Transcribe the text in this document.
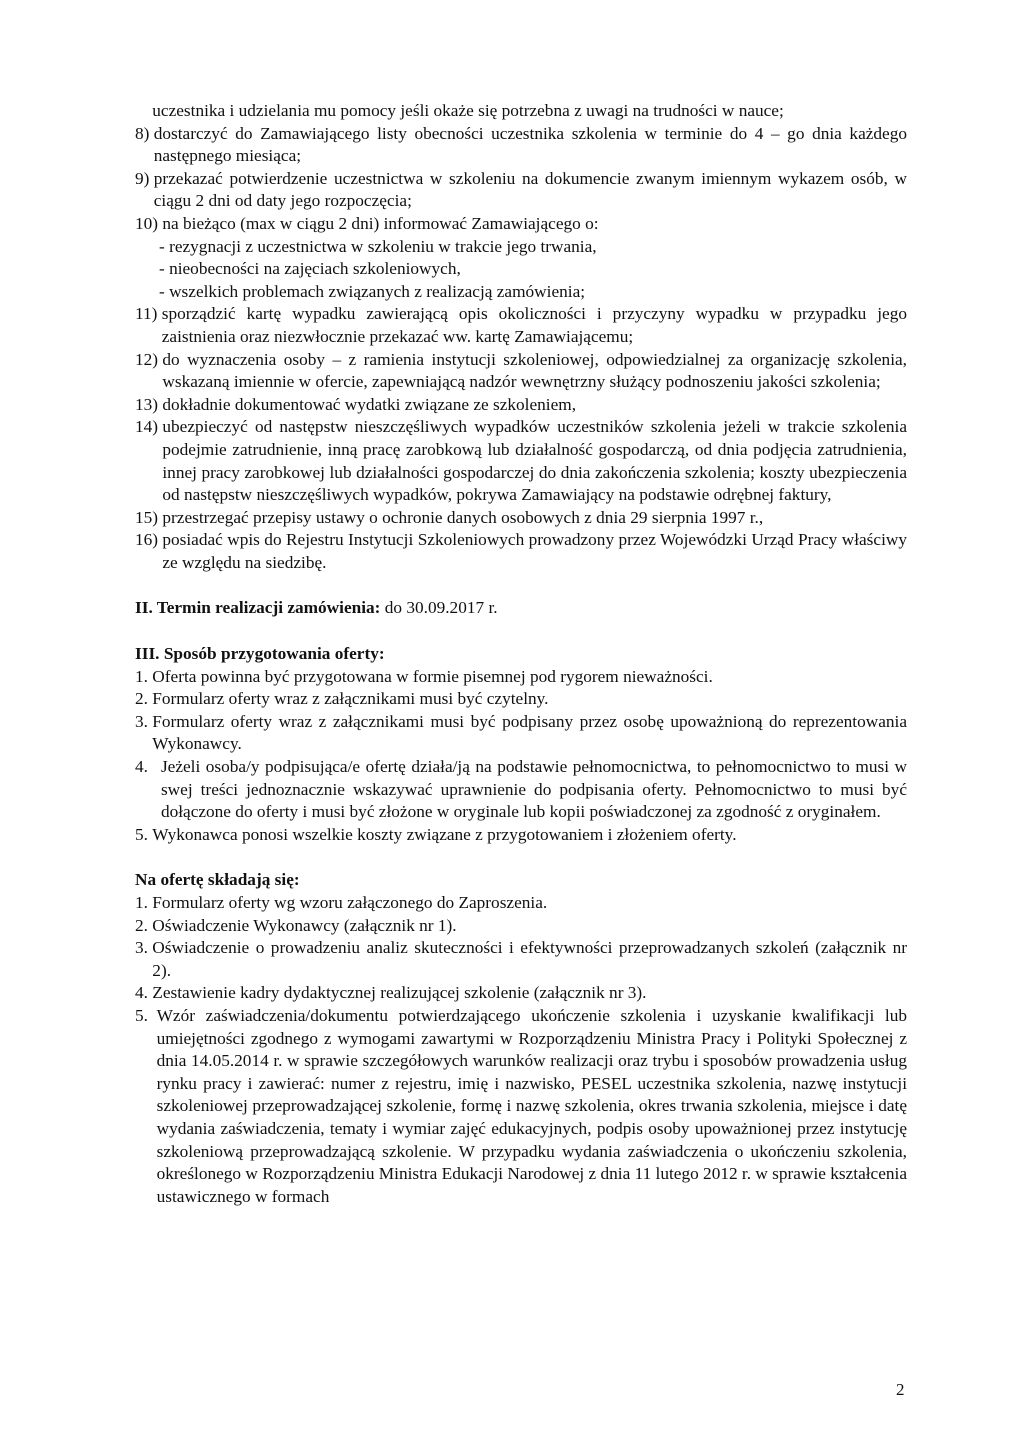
uczestnika i udzielania mu pomocy jeśli okaże się potrzebna z uwagi na trudności w nauce;
8)
dostarczyć do Zamawiającego listy obecności uczestnika szkolenia w terminie do 4 – go dnia każdego następnego miesiąca;
9)
przekazać potwierdzenie uczestnictwa w szkoleniu na dokumencie zwanym imiennym wykazem osób, w ciągu 2 dni od daty jego rozpoczęcia;
10)
na bieżąco (max w ciągu 2 dni) informować Zamawiającego o:
- rezygnacji z uczestnictwa w szkoleniu w trakcie jego trwania,
- nieobecności na zajęciach szkoleniowych,
- wszelkich problemach związanych z realizacją zamówienia;
11)
sporządzić kartę wypadku zawierającą opis okoliczności i przyczyny wypadku w przypadku jego zaistnienia oraz niezwłocznie przekazać ww. kartę Zamawiającemu;
12)
do wyznaczenia osoby – z ramienia instytucji szkoleniowej, odpowiedzialnej za organizację szkolenia, wskazaną imiennie w ofercie, zapewniającą nadzór wewnętrzny służący podnoszeniu jakości szkolenia;
13)
dokładnie dokumentować wydatki związane ze szkoleniem,
14)
ubezpieczyć od następstw nieszczęśliwych wypadków uczestników szkolenia jeżeli w trakcie szkolenia podejmie zatrudnienie, inną pracę zarobkową lub działalność gospodarczą, od dnia podjęcia zatrudnienia, innej pracy zarobkowej lub działalności gospodarczej do dnia zakończenia szkolenia; koszty ubezpieczenia od następstw nieszczęśliwych wypadków, pokrywa Zamawiający na podstawie odrębnej faktury,
15)
przestrzegać przepisy ustawy o ochronie danych osobowych z dnia 29 sierpnia 1997 r.,
16)
posiadać wpis do Rejestru Instytucji Szkoleniowych prowadzony przez Wojewódzki Urząd Pracy właściwy ze względu na siedzibę.
II. Termin realizacji zamówienia: do 30.09.2017 r.
III. Sposób przygotowania oferty:
1.
Oferta powinna być przygotowana w formie pisemnej pod rygorem nieważności.
2.
Formularz oferty wraz z załącznikami musi być czytelny.
3.
Formularz oferty wraz z załącznikami musi być podpisany przez osobę upoważnioną do reprezentowania Wykonawcy.
4.
Jeżeli osoba/y podpisująca/e ofertę działa/ją na podstawie pełnomocnictwa, to pełnomocnictwo to musi w swej treści jednoznacznie wskazywać uprawnienie do podpisania oferty. Pełnomocnictwo to musi być dołączone do oferty i musi być złożone w oryginale lub kopii poświadczonej za zgodność z oryginałem.
5.
Wykonawca ponosi wszelkie koszty związane z przygotowaniem i złożeniem oferty.
Na ofertę składają się:
1.
Formularz oferty wg wzoru załączonego do Zaproszenia.
2.
Oświadczenie Wykonawcy (załącznik nr 1).
3.
Oświadczenie o prowadzeniu analiz skuteczności i efektywności przeprowadzanych szkoleń (załącznik nr 2).
4.
Zestawienie kadry dydaktycznej realizującej szkolenie (załącznik nr 3).
5.
Wzór zaświadczenia/dokumentu potwierdzającego ukończenie szkolenia i uzyskanie kwalifikacji lub umiejętności zgodnego z wymogami zawartymi w Rozporządzeniu Ministra Pracy i Polityki Społecznej z dnia 14.05.2014 r. w sprawie szczegółowych warunków realizacji oraz trybu i sposobów prowadzenia usług rynku pracy i zawierać: numer z rejestru, imię i nazwisko, PESEL uczestnika szkolenia, nazwę instytucji szkoleniowej przeprowadzającej szkolenie, formę i nazwę szkolenia, okres trwania szkolenia, miejsce i datę wydania zaświadczenia, tematy i wymiar zajęć edukacyjnych, podpis osoby upoważnionej przez instytucję szkoleniową przeprowadzającą szkolenie. W przypadku wydania zaświadczenia o ukończeniu szkolenia, określonego w Rozporządzeniu Ministra Edukacji Narodowej z dnia 11 lutego 2012 r. w sprawie kształcenia ustawicznego w formach
2
